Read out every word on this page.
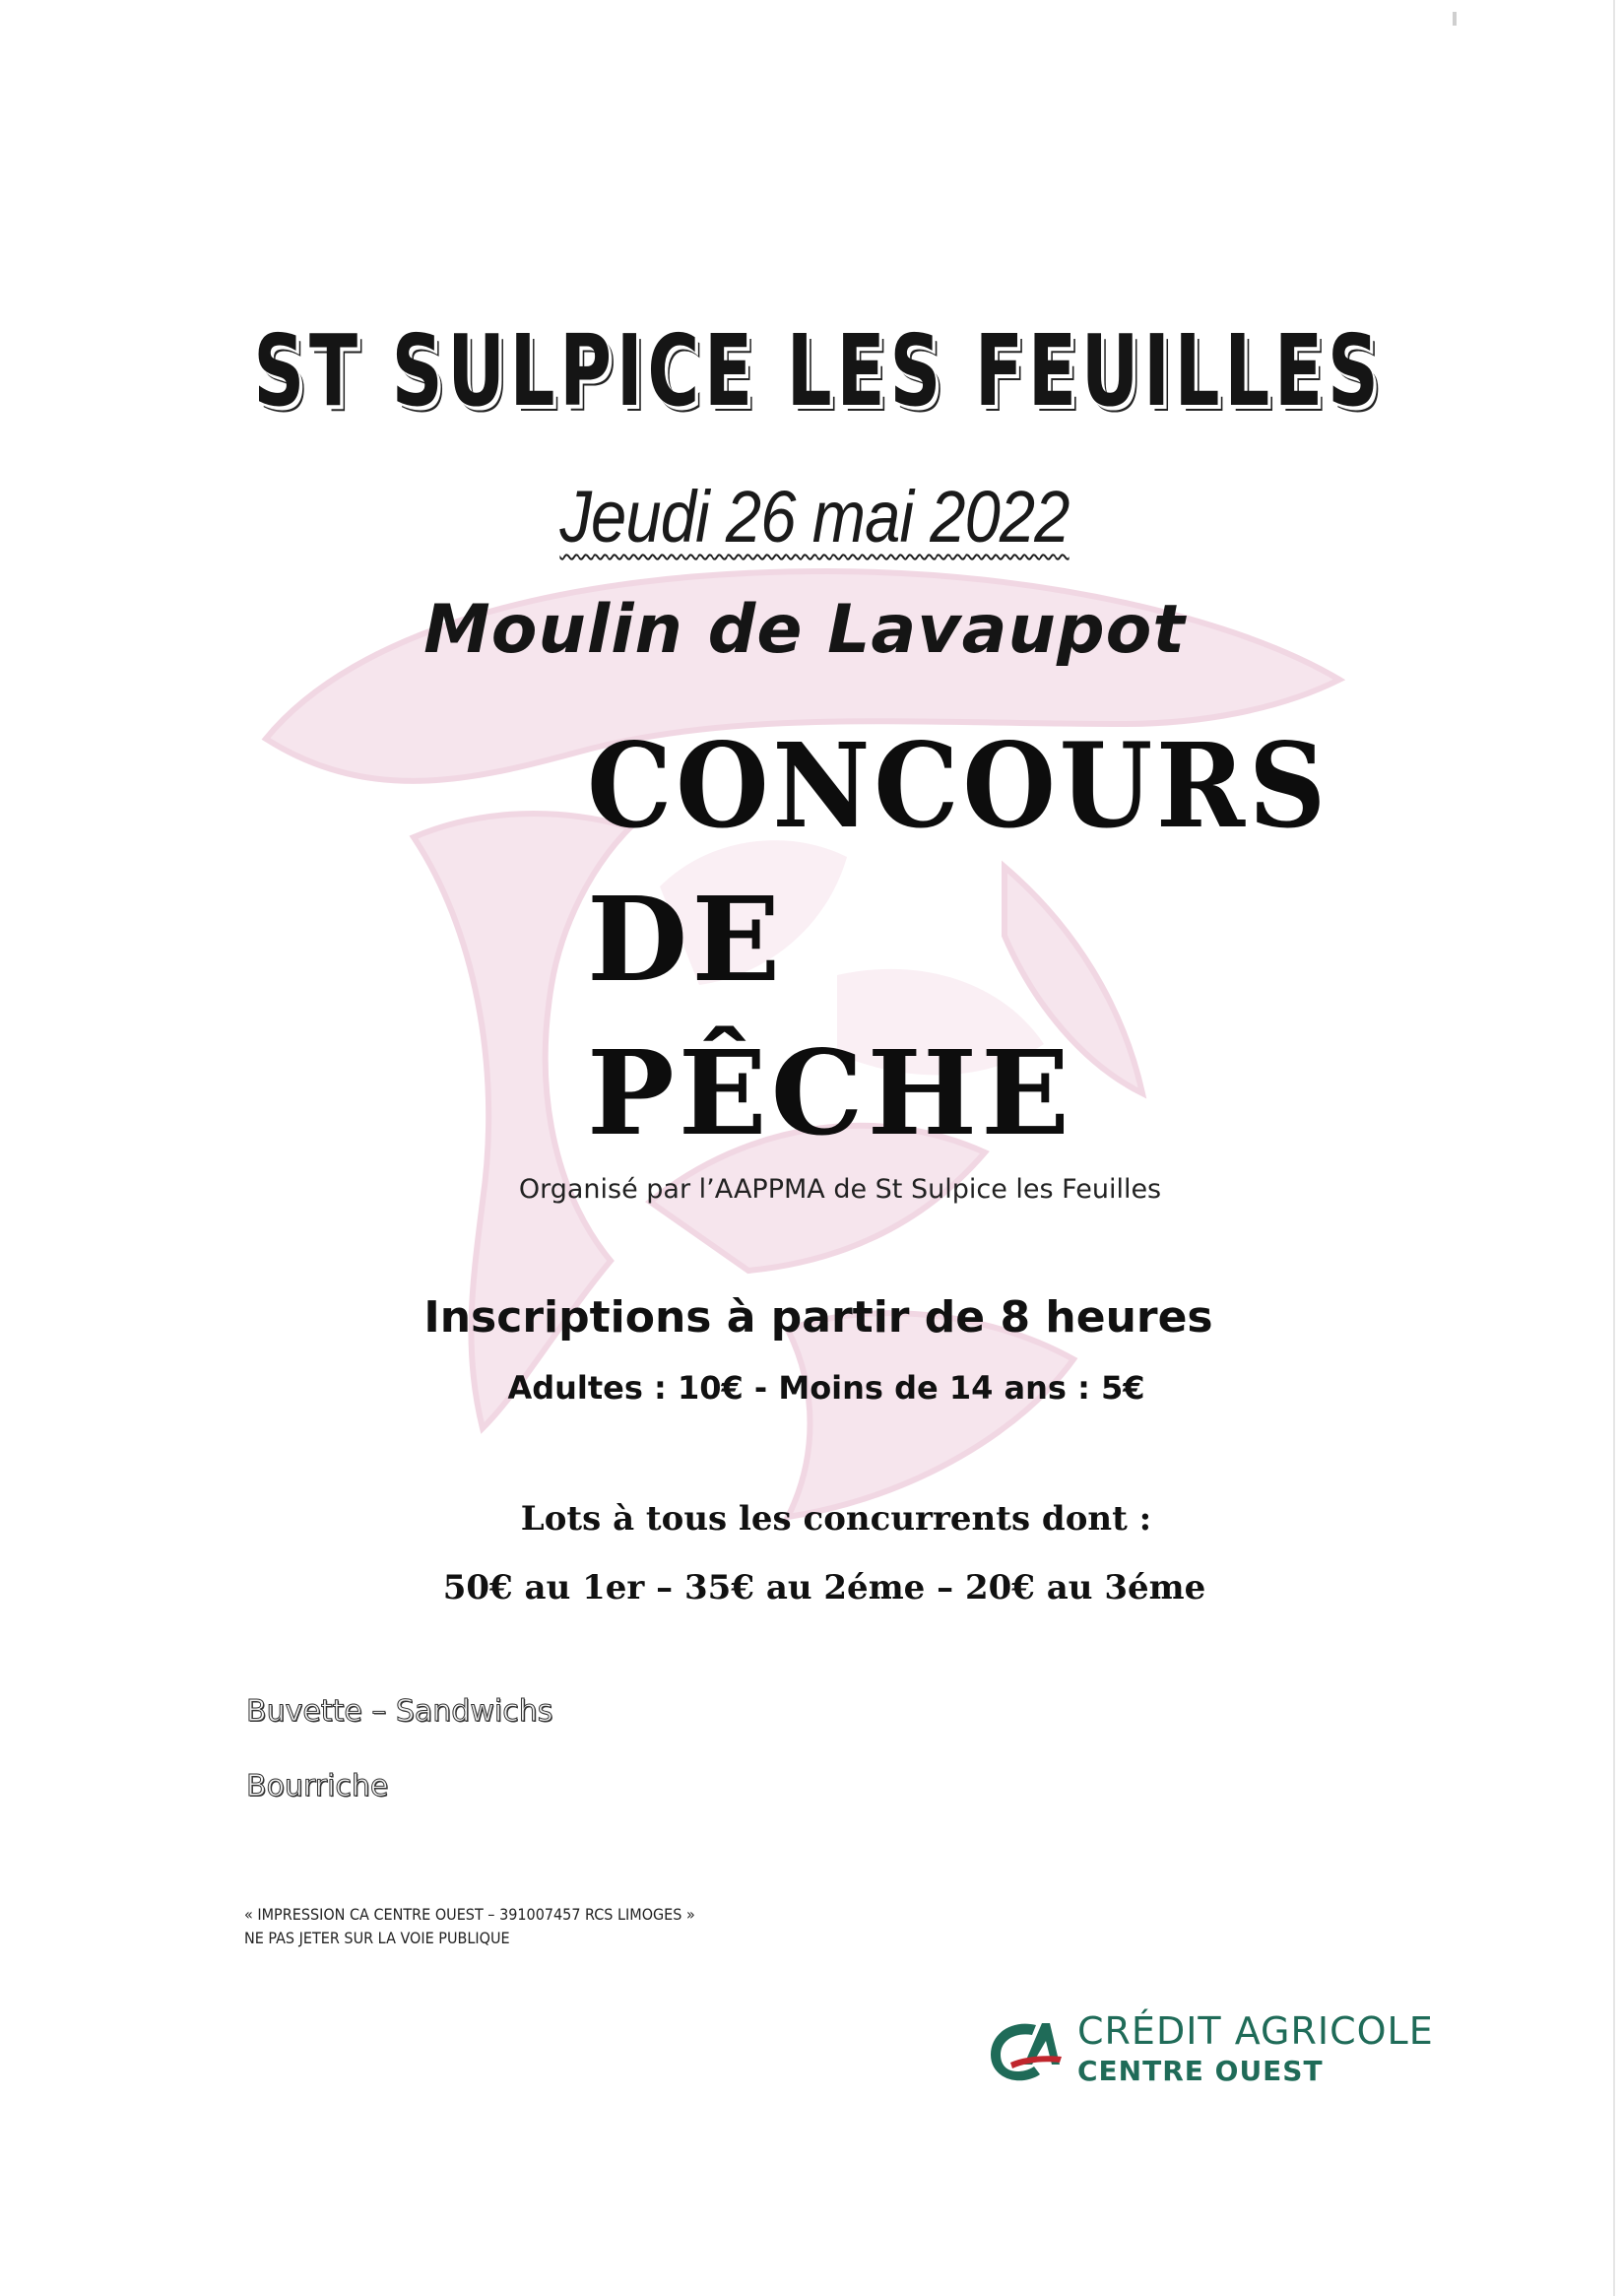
ST SULPICE LES FEUILLES
Jeudi 26 mai 2022
Moulin de Lavaupot
CONCOURS
DE
PÊCHE
Organisé par l’AAPPMA de St Sulpice les Feuilles
Inscriptions à partir de 8 heures
Adultes : 10€ - Moins de 14 ans : 5€
Lots à tous les concurrents dont :
50€ au 1er – 35€ au 2éme – 20€ au 3éme
Buvette – Sandwichs
Bourriche
« IMPRESSION CA CENTRE OUEST – 391007457 RCS LIMOGES »
NE PAS JETER SUR LA VOIE PUBLIQUE
CRÉDIT AGRICOLE
CENTRE OUEST
